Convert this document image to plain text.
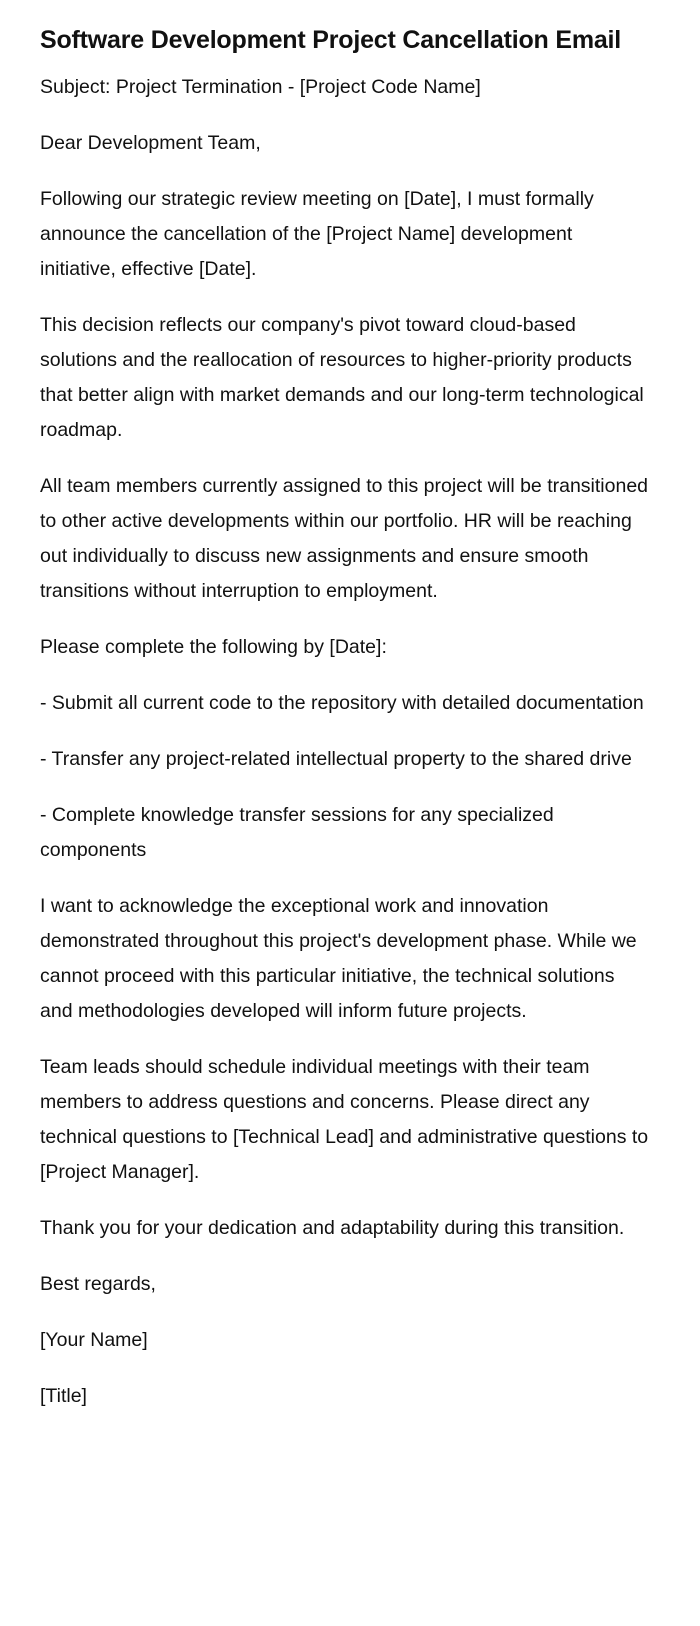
Software Development Project Cancellation Email

Subject: Project Termination - [Project Code Name]

Dear Development Team,

Following our strategic review meeting on [Date], I must formally announce the cancellation of the [Project Name] development initiative, effective [Date].

This decision reflects our company's pivot toward cloud-based solutions and the reallocation of resources to higher-priority products that better align with market demands and our long-term technological roadmap.

All team members currently assigned to this project will be transitioned to other active developments within our portfolio. HR will be reaching out individually to discuss new assignments and ensure smooth transitions without interruption to employment.

Please complete the following by [Date]:

- Submit all current code to the repository with detailed documentation

- Transfer any project-related intellectual property to the shared drive

- Complete knowledge transfer sessions for any specialized components

I want to acknowledge the exceptional work and innovation demonstrated throughout this project's development phase. While we cannot proceed with this particular initiative, the technical solutions and methodologies developed will inform future projects.

Team leads should schedule individual meetings with their team members to address questions and concerns. Please direct any technical questions to [Technical Lead] and administrative questions to [Project Manager].

Thank you for your dedication and adaptability during this transition.

Best regards,

[Your Name]

[Title]
